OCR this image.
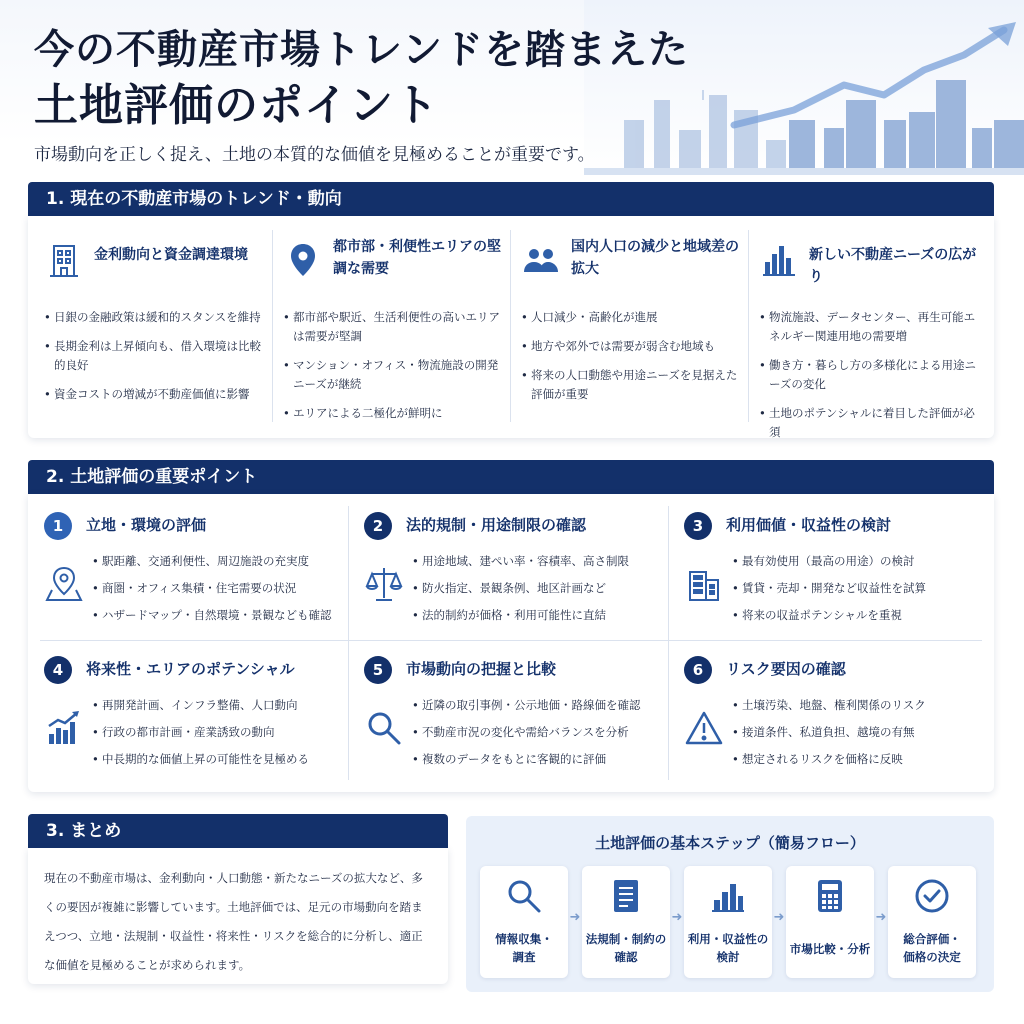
今の不動産市場トレンドを踏まえた
土地評価のポイント

市場動向を正しく捉え、土地の本質的な価値を見極めることが重要です。

1. 現在の不動産市場のトレンド・動向
金利動向と資金調達環境
• 日銀の金融政策は緩和的スタンスを維持
• 長期金利は上昇傾向も、借入環境は比較的良好
• 資金コストの増減が不動産価値に影響
都市部・利便性エリアの堅調な需要
• 都市部や駅近、生活利便性の高いエリアは需要が堅調
• マンション・オフィス・物流施設の開発ニーズが継続
• エリアによる二極化が鮮明に
国内人口の減少と地域差の拡大
• 人口減少・高齢化が進展
• 地方や郊外では需要が弱含む地域も
• 将来の人口動態や用途ニーズを見据えた評価が重要
新しい不動産ニーズの広がり
• 物流施設、データセンター、再生可能エネルギー関連用地の需要増
• 働き方・暮らし方の多様化による用途ニーズの変化
• 土地のポテンシャルに着目した評価が必須
2. 土地評価の重要ポイント
1	立地・環境の評価
• 駅距離、交通利便性、周辺施設の充実度
• 商圏・オフィス集積・住宅需要の状況
• ハザードマップ・自然環境・景観なども確認
2	法的規制・用途制限の確認
• 用途地域、建ぺい率・容積率、高さ制限
• 防火指定、景観条例、地区計画など
• 法的制約が価格・利用可能性に直結
3	利用価値・収益性の検討
• 最有効使用（最高の用途）の検討
• 賃貸・売却・開発など収益性を試算
• 将来の収益ポテンシャルを重視
4	将来性・エリアのポテンシャル
• 再開発計画、インフラ整備、人口動向
• 行政の都市計画・産業誘致の動向
• 中長期的な価値上昇の可能性を見極める
5	市場動向の把握と比較
• 近隣の取引事例・公示地価・路線価を確認
• 不動産市況の変化や需給バランスを分析
• 複数のデータをもとに客観的に評価
6	リスク要因の確認
• 土壌汚染、地盤、権利関係のリスク
• 接道条件、私道負担、越境の有無
• 想定されるリスクを価格に反映
3. まとめ

現在の不動産市場は、金利動向・人口動態・新たなニーズの拡大など、多くの要因が複雑に影響しています。土地評価では、足元の市場動向を踏まえつつ、立地・法規制・収益性・将来性・リスクを総合的に分析し、適正な価値を見極めることが求められます。

土地評価の基本ステップ（簡易フロー）
情報収集・
調査
➜
法規制・制約の
確認
➜
利用・収益性の
検討
➜
市場比較・分析
➜
総合評価・
価格の決定
